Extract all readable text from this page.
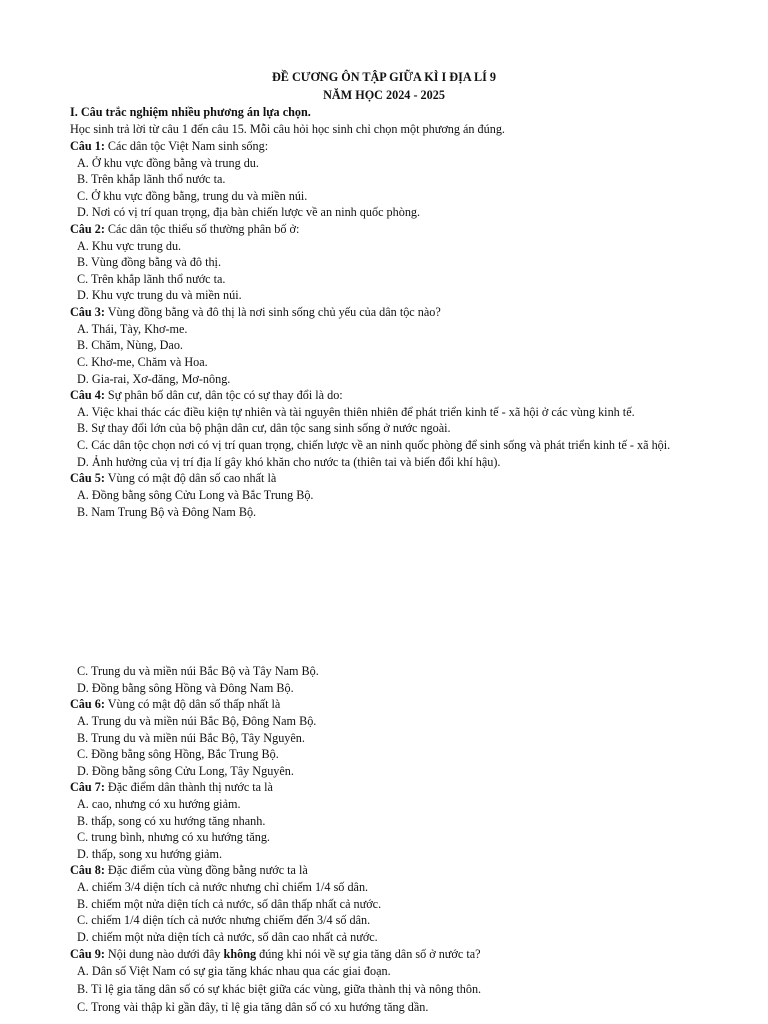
ĐỀ CƯƠNG ÔN TẬP GIỮA KÌ I ĐỊA LÍ 9
NĂM HỌC 2024 - 2025
I. Câu trắc nghiệm nhiều phương án lựa chọn.
Học sinh trả lời từ câu 1 đến câu 15. Mỗi câu hỏi học sinh chỉ chọn một phương án đúng.
Câu 1: Các dân tộc Việt Nam sinh sống:
A. Ở khu vực đồng bằng và trung du.
B. Trên khắp lãnh thổ nước ta.
C. Ở khu vực đồng bằng, trung du và miền núi.
D. Nơi có vị trí quan trọng, địa bàn chiến lược về an ninh quốc phòng.
Câu 2: Các dân tộc thiểu số thường phân bố ở:
A. Khu vực trung du.
B. Vùng đồng bằng và đô thị.
C. Trên khắp lãnh thổ nước ta.
D. Khu vực trung du và miền núi.
Câu 3: Vùng đồng bằng và đô thị là nơi sinh sống chủ yếu của dân tộc nào?
A. Thái, Tày, Khơ-me.
B. Chăm, Nùng, Dao.
C. Khơ-me, Chăm và Hoa.
D. Gia-rai, Xơ-đăng, Mơ-nông.
Câu 4: Sự phân bố dân cư, dân tộc có sự thay đổi là do:
A. Việc khai thác các điều kiện tự nhiên và tài nguyên thiên nhiên để phát triển kinh tế - xã hội ở các vùng kinh tế.
B. Sự thay đổi lớn của bộ phận dân cư, dân tộc sang sinh sống ở nước ngoài.
C. Các dân tộc chọn nơi có vị trí quan trọng, chiến lược về an ninh quốc phòng để sinh sống và phát triển kinh tế - xã hội.
D. Ảnh hưởng của vị trí địa lí gây khó khăn cho nước ta (thiên tai và biến đổi khí hậu).
Câu 5: Vùng có mật độ dân số cao nhất là
A. Đồng bằng sông Cửu Long và Bắc Trung Bộ.
B. Nam Trung Bộ và Đông Nam Bộ.
C. Trung du và miền núi Bắc Bộ và Tây Nam Bộ.
D. Đồng bằng sông Hồng và Đông Nam Bộ.
Câu 6: Vùng có mật độ dân số thấp nhất là
A. Trung du và miền núi Bắc Bộ, Đông Nam Bộ.
B. Trung du và miền núi Bắc Bộ, Tây Nguyên.
C. Đồng bằng sông Hồng, Bắc Trung Bộ.
D. Đồng bằng sông Cửu Long, Tây Nguyên.
Câu 7: Đặc điểm dân thành thị nước ta là
A. cao, nhưng có xu hướng giảm.
B. thấp, song có xu hướng tăng nhanh.
C. trung bình, nhưng có xu hướng tăng.
D. thấp, song xu hướng giảm.
Câu 8: Đặc điểm của vùng đồng bằng nước ta là
A. chiếm 3/4 diện tích cả nước nhưng chỉ chiếm 1/4 số dân.
B. chiếm một nửa diện tích cả nước, số dân thấp nhất cả nước.
C. chiếm 1/4 diện tích cả nước nhưng chiếm đến 3/4 số dân.
D. chiếm một nửa diện tích cả nước, số dân cao nhất cả nước.
Câu 9: Nội dung nào dưới đây không đúng khi nói về sự gia tăng dân số ở nước ta?
A. Dân số Việt Nam có sự gia tăng khác nhau qua các giai đoạn.
B. Tỉ lệ gia tăng dân số có sự khác biệt giữa các vùng, giữa thành thị và nông thôn.
C. Trong vài thập kỉ gần đây, tỉ lệ gia tăng dân số có xu hướng tăng dần.
